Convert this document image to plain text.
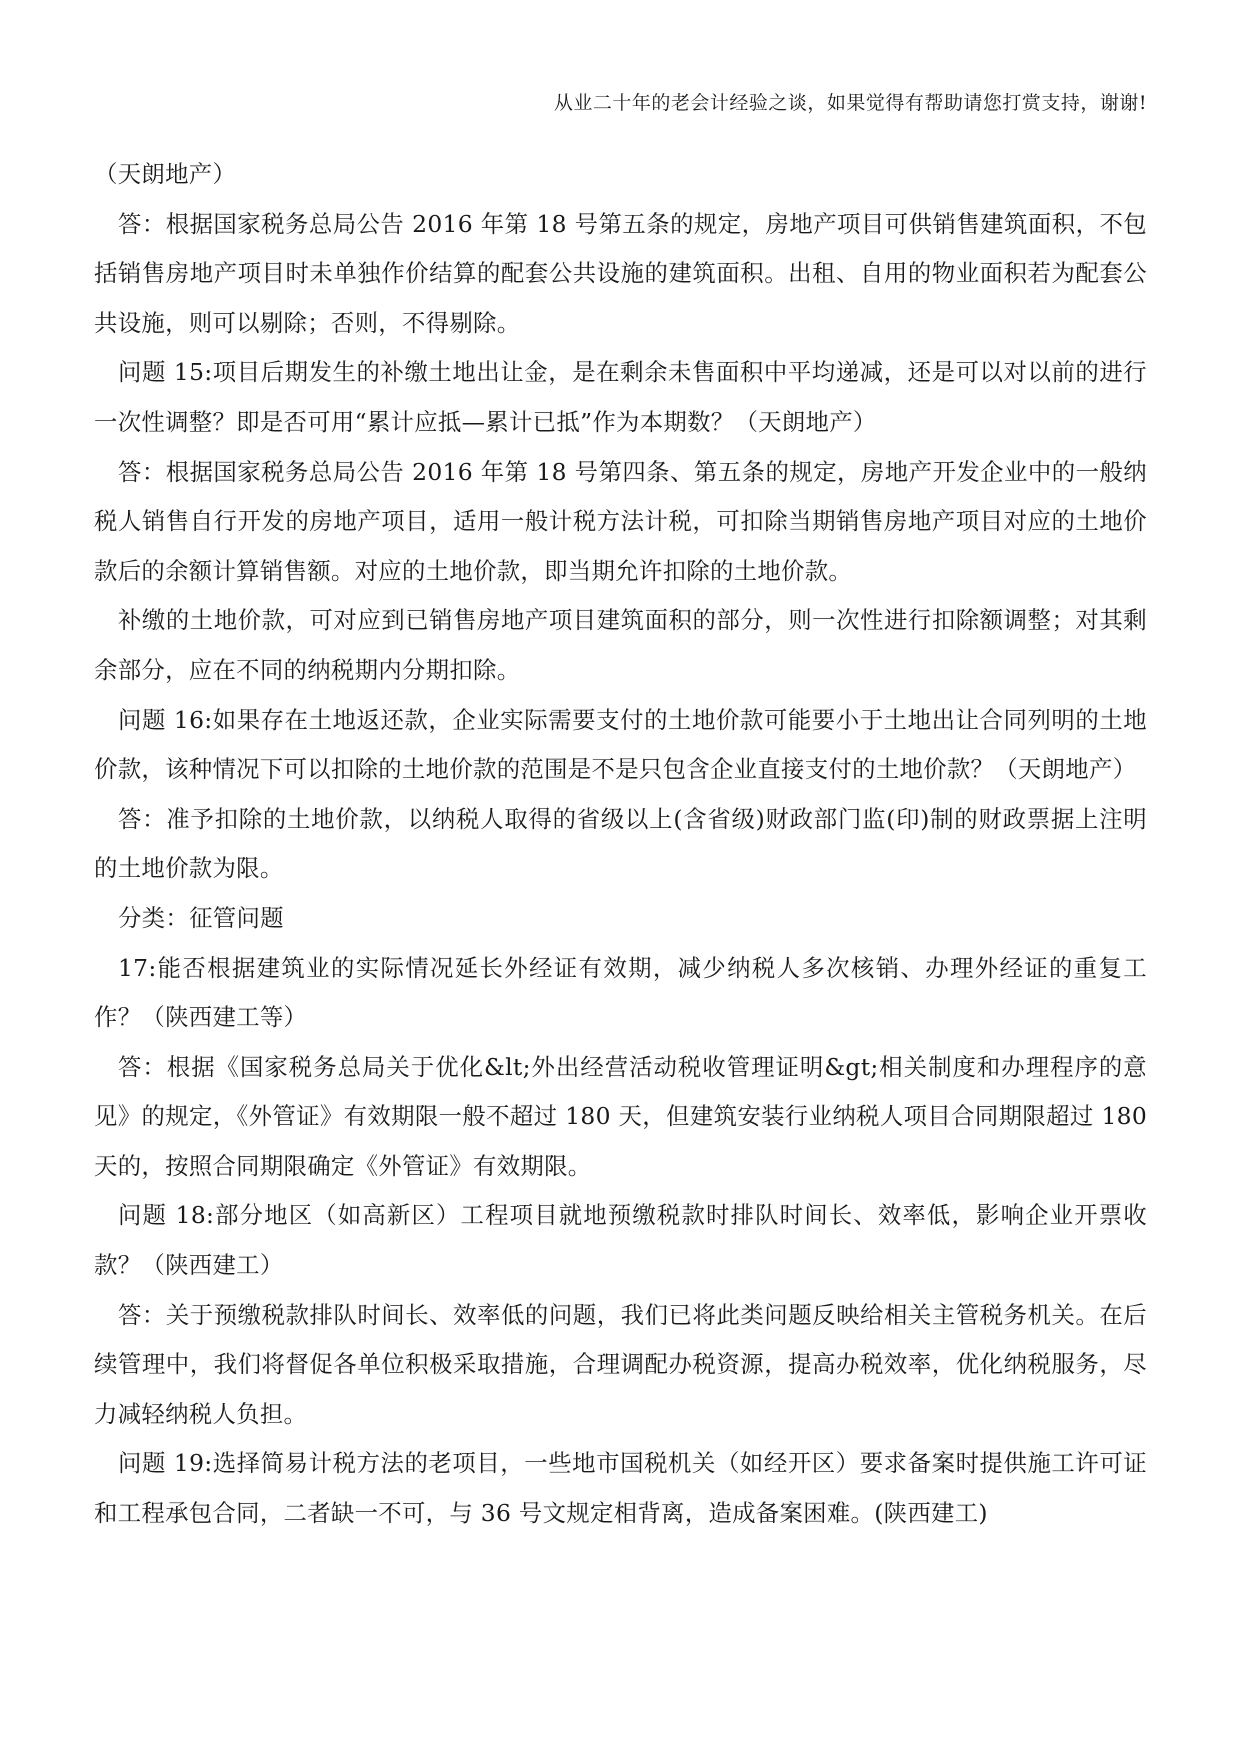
从业二十年的老会计经验之谈，如果觉得有帮助请您打赏支持，谢谢!

（天朗地产）

答：根据国家税务总局公告 2016 年第 18 号第五条的规定，房地产项目可供销售建筑面积，不包括销售房地产项目时未单独作价结算的配套公共设施的建筑面积。出租、自用的物业面积若为配套公共设施，则可以剔除；否则，不得剔除。

问题 15:项目后期发生的补缴土地出让金，是在剩余未售面积中平均递减，还是可以对以前的进行一次性调整？即是否可用“累计应抵—累计已抵”作为本期数？（天朗地产）

答：根据国家税务总局公告 2016 年第 18 号第四条、第五条的规定，房地产开发企业中的一般纳税人销售自行开发的房地产项目，适用一般计税方法计税，可扣除当期销售房地产项目对应的土地价款后的余额计算销售额。对应的土地价款，即当期允许扣除的土地价款。

补缴的土地价款，可对应到已销售房地产项目建筑面积的部分，则一次性进行扣除额调整；对其剩余部分，应在不同的纳税期内分期扣除。

问题 16:如果存在土地返还款，企业实际需要支付的土地价款可能要小于土地出让合同列明的土地价款，该种情况下可以扣除的土地价款的范围是不是只包含企业直接支付的土地价款？（天朗地产）

答：准予扣除的土地价款，以纳税人取得的省级以上(含省级)财政部门监(印)制的财政票据上注明的土地价款为限。

分类：征管问题

17:能否根据建筑业的实际情况延长外经证有效期，减少纳税人多次核销、办理外经证的重复工作？（陕西建工等）

答：根据《国家税务总局关于优化&lt;外出经营活动税收管理证明&gt;相关制度和办理程序的意见》的规定，《外管证》有效期限一般不超过 180 天，但建筑安装行业纳税人项目合同期限超过 180 天的，按照合同期限确定《外管证》有效期限。

问题 18:部分地区（如高新区）工程项目就地预缴税款时排队时间长、效率低，影响企业开票收款？（陕西建工）

答：关于预缴税款排队时间长、效率低的问题，我们已将此类问题反映给相关主管税务机关。在后续管理中，我们将督促各单位积极采取措施，合理调配办税资源，提高办税效率，优化纳税服务，尽力减轻纳税人负担。

问题 19:选择简易计税方法的老项目，一些地市国税机关（如经开区）要求备案时提供施工许可证和工程承包合同，二者缺一不可，与 36 号文规定相背离，造成备案困难。(陕西建工)
